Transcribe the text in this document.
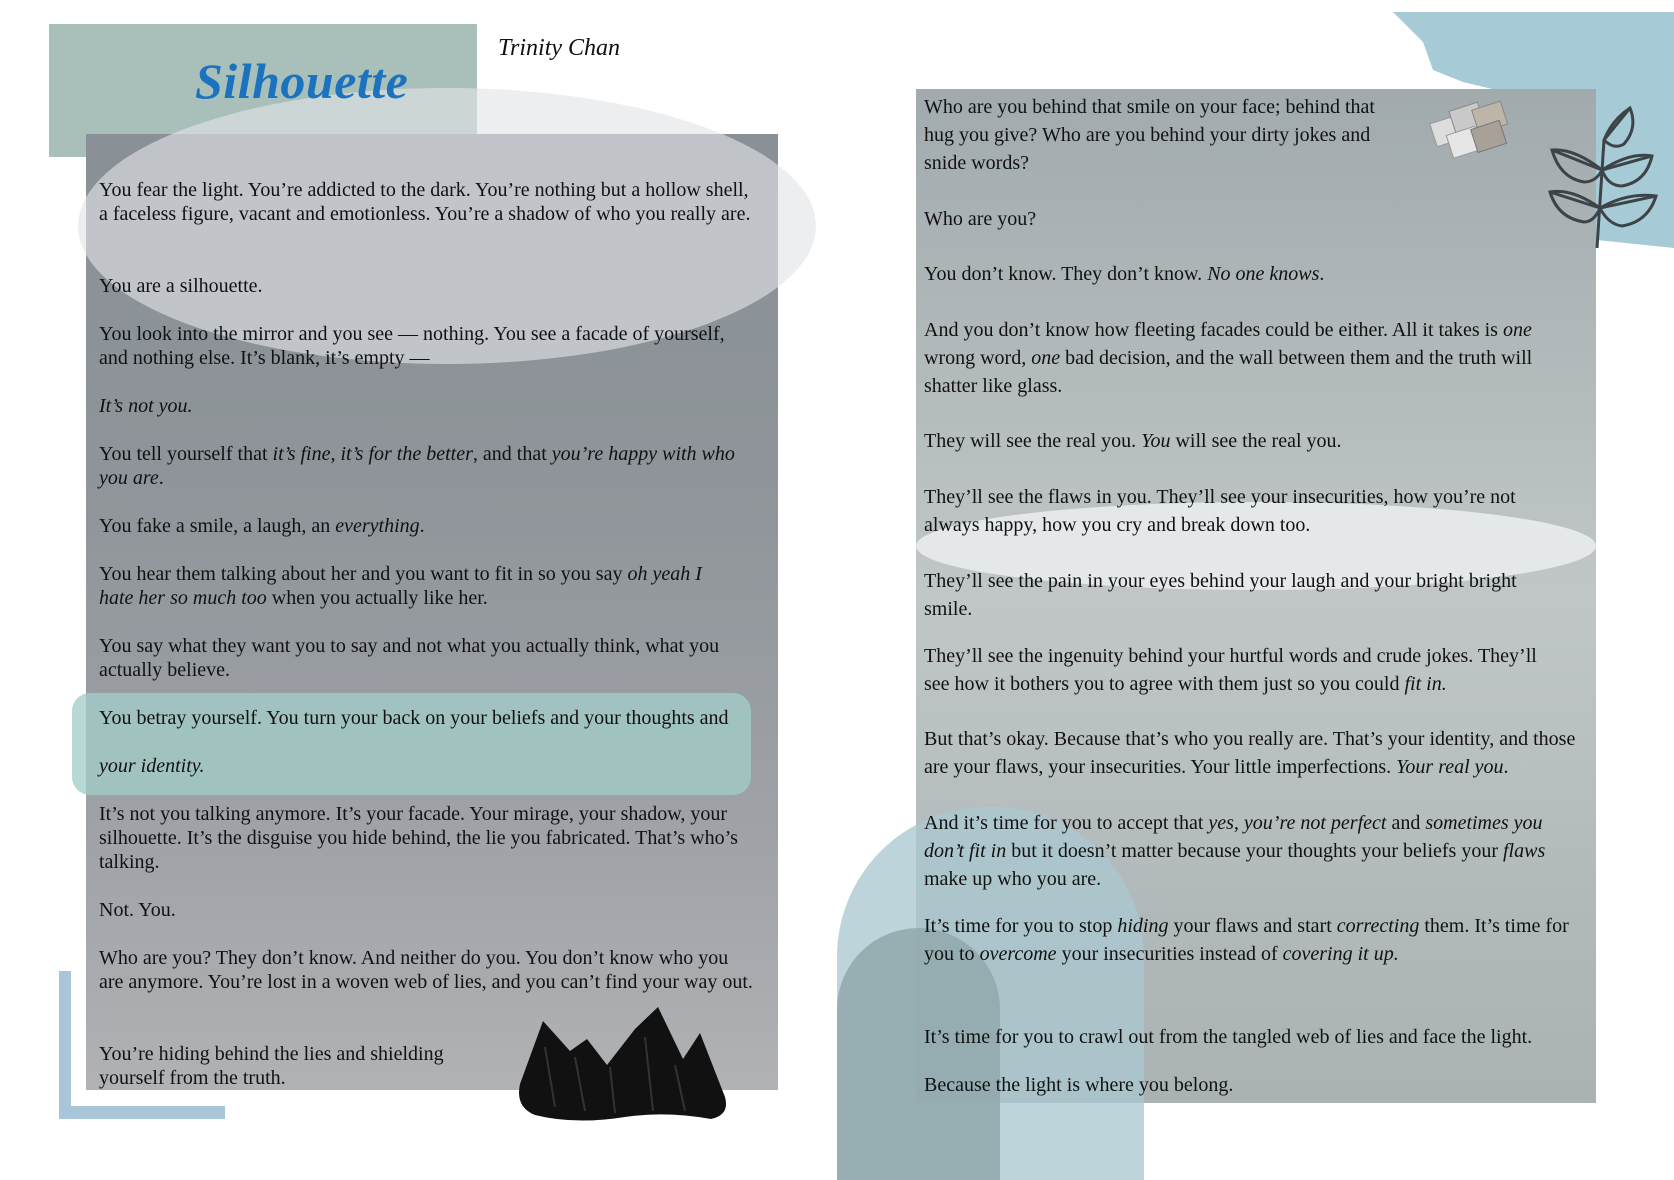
Silhouette
Trinity Chan

You fear the light. You’re addicted to the dark. You’re nothing but a hollow shell, a faceless figure, vacant and emotionless. You’re a shadow of who you really are.

You are a silhouette.

You look into the mirror and you see — nothing. You see a facade of yourself, and nothing else. It’s blank, it’s empty —

It’s not you.

You tell yourself that it’s fine, it’s for the better, and that you’re happy with who you are.

You fake a smile, a laugh, an everything.

You hear them talking about her and you want to fit in so you say oh yeah I hate her so much too when you actually like her.

You say what they want you to say and not what you actually think, what you actually believe.

You betray yourself. You turn your back on your beliefs and your thoughts and

your identity.

It’s not you talking anymore. It’s your facade. Your mirage, your shadow, your silhouette. It’s the disguise you hide behind, the lie you fabricated. That’s who’s talking.

Not. You.

Who are you? They don’t know. And neither do you. You don’t know who you are anymore. You’re lost in a woven web of lies, and you can’t find your way out.

You’re hiding behind the lies and shielding yourself from the truth.

Who are you behind that smile on your face; behind that hug you give? Who are you behind your dirty jokes and snide words?

Who are you?

You don’t know. They don’t know. No one knows.

And you don’t know how fleeting facades could be either. All it takes is one wrong word, one bad decision, and the wall between them and the truth will shatter like glass.

They will see the real you. You will see the real you.

They’ll see the flaws in you. They’ll see your insecurities, how you’re not always happy, how you cry and break down too.

They’ll see the pain in your eyes behind your laugh and your bright bright smile.

They’ll see the ingenuity behind your hurtful words and crude jokes. They’ll see how it bothers you to agree with them just so you could fit in.

But that’s okay. Because that’s who you really are. That’s your identity, and those are your flaws, your insecurities. Your little imperfections. Your real you.

And it’s time for you to accept that yes, you’re not perfect and sometimes you don’t fit in but it doesn’t matter because your thoughts your beliefs your flaws make up who you are.

It’s time for you to stop hiding your flaws and start correcting them. It’s time for you to overcome your insecurities instead of covering it up.

It’s time for you to crawl out from the tangled web of lies and face the light.

Because the light is where you belong.
